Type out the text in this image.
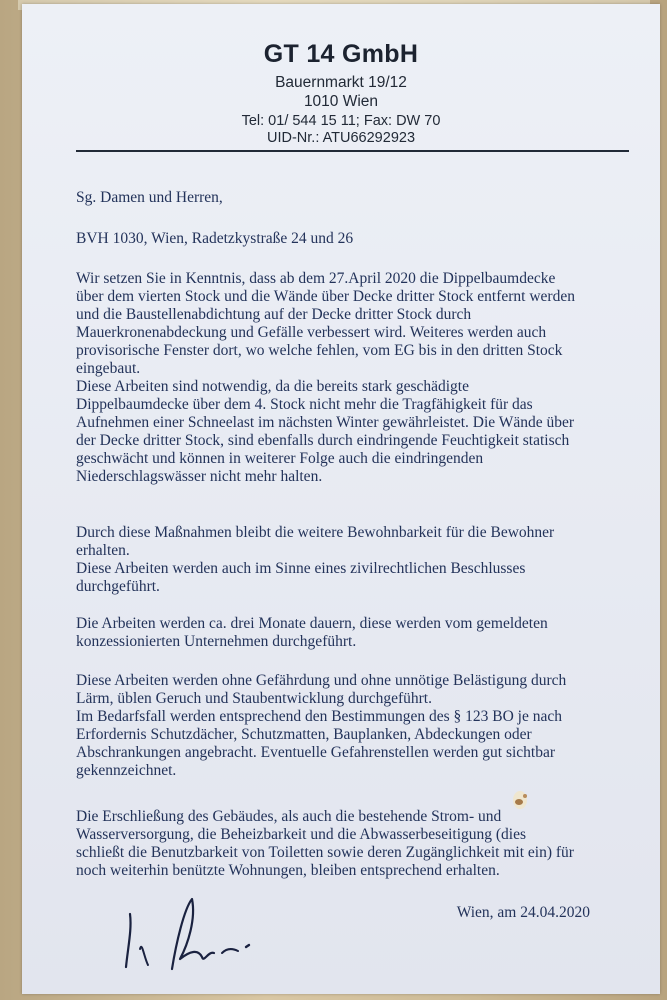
GT 14 GmbH
Bauernmarkt 19/12
1010 Wien
Tel: 01/ 544 15 11; Fax: DW 70
UID-Nr.: ATU66292923
Sg. Damen und Herren,
BVH 1030, Wien, Radetzkystraße 24 und 26
Wir setzen Sie in Kenntnis, dass ab dem 27.April 2020 die Dippelbaumdecke
über dem vierten Stock und die Wände über Decke dritter Stock entfernt werden
und die Baustellenabdichtung auf der Decke dritter Stock durch
Mauerkronenabdeckung und Gefälle verbessert wird. Weiteres werden auch
provisorische Fenster dort, wo welche fehlen, vom EG bis in den dritten Stock
eingebaut.
Diese Arbeiten sind notwendig, da die bereits stark geschädigte
Dippelbaumdecke über dem 4. Stock nicht mehr die Tragfähigkeit für das
Aufnehmen einer Schneelast im nächsten Winter gewährleistet. Die Wände über
der Decke dritter Stock, sind ebenfalls durch eindringende Feuchtigkeit statisch
geschwächt und können in weiterer Folge auch die eindringenden
Niederschlagswässer nicht mehr halten.
Durch diese Maßnahmen bleibt die weitere Bewohnbarkeit für die Bewohner
erhalten.
Diese Arbeiten werden auch im Sinne eines zivilrechtlichen Beschlusses
durchgeführt.
Die Arbeiten werden ca. drei Monate dauern, diese werden vom gemeldeten
konzessionierten Unternehmen durchgeführt.
Diese Arbeiten werden ohne Gefährdung und ohne unnötige Belästigung durch
Lärm, üblen Geruch und Staubentwicklung durchgeführt.
Im Bedarfsfall werden entsprechend den Bestimmungen des § 123 BO je nach
Erfordernis Schutzdächer, Schutzmatten, Bauplanken, Abdeckungen oder
Abschrankungen angebracht. Eventuelle Gefahrenstellen werden gut sichtbar
gekennzeichnet.
Die Erschließung des Gebäudes, als auch die bestehende Strom- und
Wasserversorgung, die Beheizbarkeit und die Abwasserbeseitigung (dies
schließt die Benutzbarkeit von Toiletten sowie deren Zugänglichkeit mit ein) für
noch weiterhin benützte Wohnungen, bleiben entsprechend erhalten.
Wien, am 24.04.2020
